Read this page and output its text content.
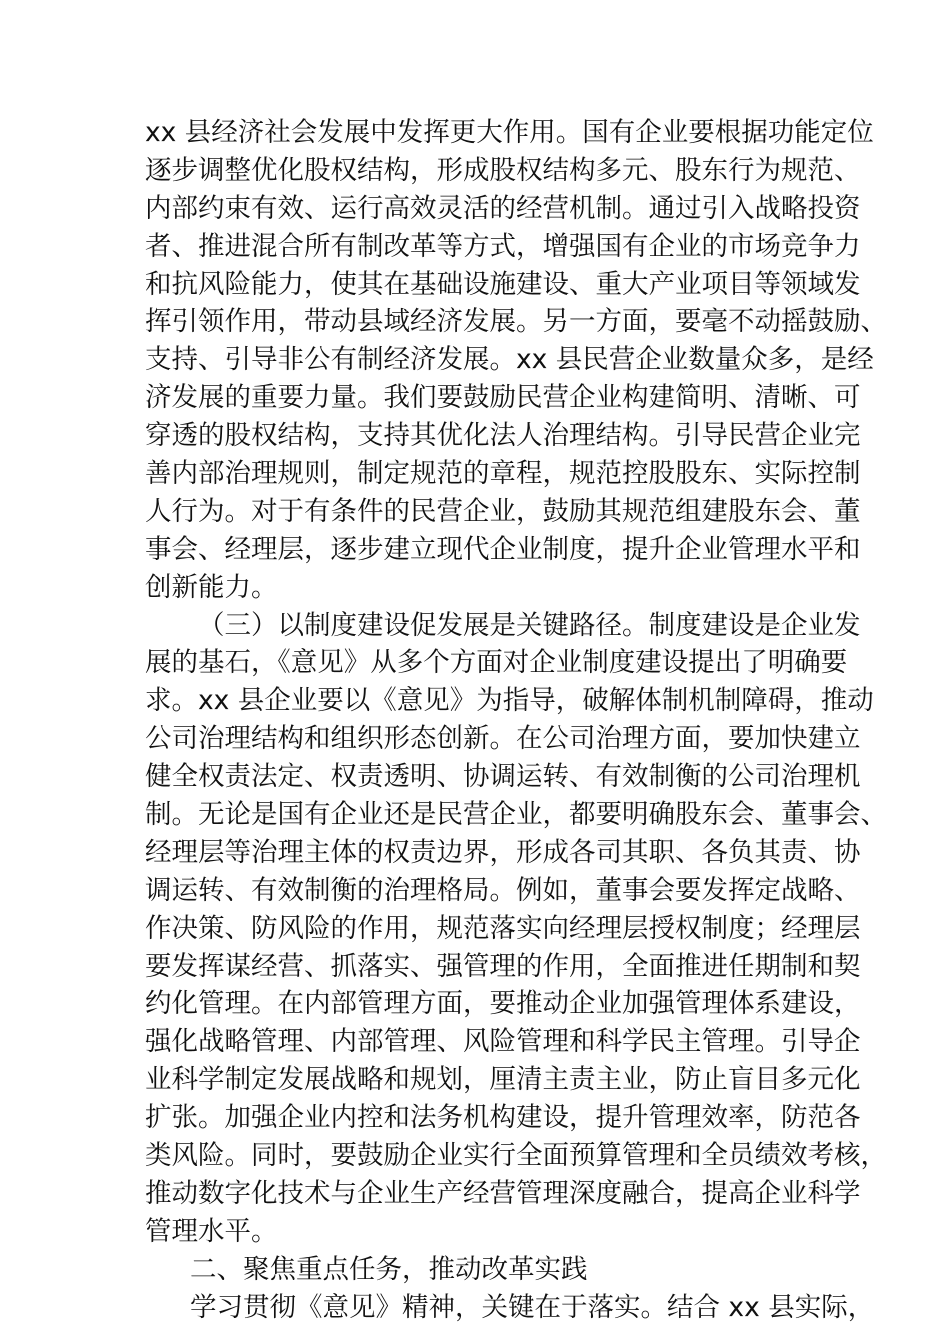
xx 县经济社会发展中发挥更大作用。国有企业要根据功能定位
逐步调整优化股权结构，形成股权结构多元、股东行为规范、
内部约束有效、运行高效灵活的经营机制。通过引入战略投资
者、推进混合所有制改革等方式，增强国有企业的市场竞争力
和抗风险能力，使其在基础设施建设、重大产业项目等领域发
挥引领作用，带动县域经济发展。另一方面，要毫不动摇鼓励、
支持、引导非公有制经济发展。xx 县民营企业数量众多，是经
济发展的重要力量。我们要鼓励民营企业构建简明、清晰、可
穿透的股权结构，支持其优化法人治理结构。引导民营企业完
善内部治理规则，制定规范的章程，规范控股股东、实际控制
人行为。对于有条件的民营企业，鼓励其规范组建股东会、董
事会、经理层，逐步建立现代企业制度，提升企业管理水平和
创新能力。
（三）以制度建设促发展是关键路径。制度建设是企业发
展的基石，《意见》从多个方面对企业制度建设提出了明确要
求。xx 县企业要以《意见》为指导，破解体制机制障碍，推动
公司治理结构和组织形态创新。在公司治理方面，要加快建立
健全权责法定、权责透明、协调运转、有效制衡的公司治理机
制。无论是国有企业还是民营企业，都要明确股东会、董事会、
经理层等治理主体的权责边界，形成各司其职、各负其责、协
调运转、有效制衡的治理格局。例如，董事会要发挥定战略、
作决策、防风险的作用，规范落实向经理层授权制度；经理层
要发挥谋经营、抓落实、强管理的作用，全面推进任期制和契
约化管理。在内部管理方面，要推动企业加强管理体系建设，
强化战略管理、内部管理、风险管理和科学民主管理。引导企
业科学制定发展战略和规划，厘清主责主业，防止盲目多元化
扩张。加强企业内控和法务机构建设，提升管理效率，防范各
类风险。同时，要鼓励企业实行全面预算管理和全员绩效考核，
推动数字化技术与企业生产经营管理深度融合，提高企业科学
管理水平。
二、聚焦重点任务，推动改革实践
学习贯彻《意见》精神，关键在于落实。结合 xx 县实际，
